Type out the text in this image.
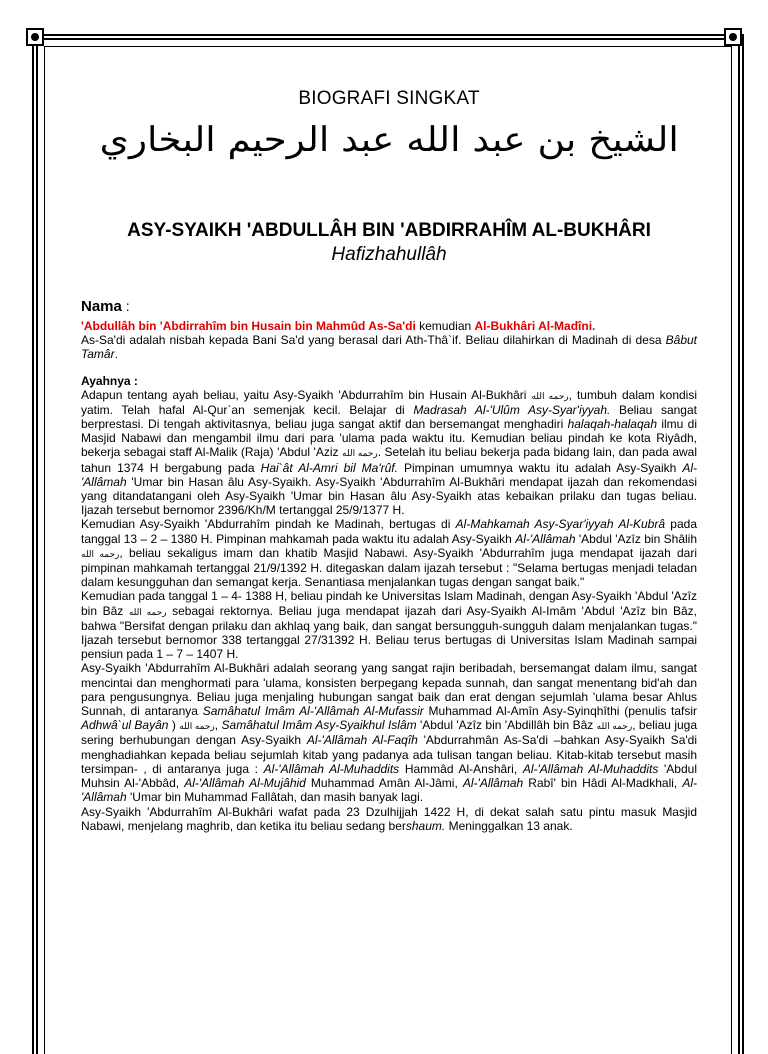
BIOGRAFI SINGKAT

الشيخ بن عبد الله عبد الرحيم البخاري

ASY-SYAIKH 'ABDULLÂH BIN 'ABDIRRAHÎM AL-BUKHÂRI

Hafizhahullâh

Nama :

'Abdullâh bin 'Abdirrahîm bin Husain bin Mahmûd As-Sa'di kemudian Al-Bukhâri Al-Madîni.

As-Sa'di adalah nisbah kepada Bani Sa'd yang berasal dari Ath-Thâ`if. Beliau dilahirkan di Madinah di desa Bâbut Tamâr.

Ayahnya :

Adapun tentang ayah beliau, yaitu Asy-Syaikh 'Abdurrahîm bin Husain Al-Bukhâri رحمه الله, tumbuh dalam kondisi yatim. Telah hafal Al-Qur`an semenjak kecil. Belajar di Madrasah Al-'Ulûm Asy-Syar'iyyah. Beliau sangat berprestasi. Di tengah aktivitasnya, beliau juga sangat aktif dan bersemangat menghadiri halaqah-halaqah ilmu di Masjid Nabawi dan mengambil ilmu dari para 'ulama pada waktu itu. Kemudian beliau pindah ke kota Riyâdh, bekerja sebagai staff Al-Malik (Raja) 'Abdul 'Aziz رحمه الله. Setelah itu beliau bekerja pada bidang lain, dan pada awal tahun 1374 H bergabung pada Hai`ât Al-Amri bil Ma'rûf. Pimpinan umumnya waktu itu adalah Asy-Syaikh Al-'Allâmah 'Umar bin Hasan âlu Asy-Syaikh. Asy-Syaikh 'Abdurrahîm Al-Bukhâri mendapat ijazah dan rekomendasi yang ditandatangani oleh Asy-Syaikh 'Umar bin Hasan âlu Asy-Syaikh atas kebaikan prilaku dan tugas beliau. Ijazah tersebut bernomor 2396/Kh/M tertanggal 25/9/1377 H.

Kemudian Asy-Syaikh 'Abdurrahîm pindah ke Madinah, bertugas di Al-Mahkamah Asy-Syar'iyyah Al-Kubrâ pada tanggal 13 – 2 – 1380 H. Pimpinan mahkamah pada waktu itu adalah Asy-Syaikh Al-'Allâmah 'Abdul 'Azîz bin Shâlih رحمه الله, beliau sekaligus imam dan khatib Masjid Nabawi. Asy-Syaikh 'Abdurrahîm juga mendapat ijazah dari pimpinan mahkamah tertanggal 21/9/1392 H. ditegaskan dalam ijazah tersebut : "Selama bertugas menjadi teladan dalam kesungguhan dan semangat kerja. Senantiasa menjalankan tugas dengan sangat baik."

Kemudian pada tanggal 1 – 4- 1388 H, beliau pindah ke Universitas Islam Madinah, dengan Asy-Syaikh 'Abdul 'Azîz bin Bâz رحمه الله sebagai rektornya. Beliau juga mendapat ijazah dari Asy-Syaikh Al-Imâm 'Abdul 'Azîz bin Bâz, bahwa "Bersifat dengan prilaku dan akhlaq yang baik, dan sangat bersungguh-sungguh dalam menjalankan tugas." Ijazah tersebut bernomor 338 tertanggal 27/31392 H. Beliau terus bertugas di Universitas Islam Madinah sampai pensiun pada 1 – 7 – 1407 H.

Asy-Syaikh 'Abdurrahîm Al-Bukhâri adalah seorang yang sangat rajin beribadah, bersemangat dalam ilmu, sangat mencintai dan menghormati para 'ulama, konsisten berpegang kepada sunnah, dan sangat menentang bid'ah dan para pengusungnya. Beliau juga menjaling hubungan sangat baik dan erat dengan sejumlah 'ulama besar Ahlus Sunnah, di antaranya Samâhatul Imâm Al-'Allâmah Al-Mufassir Muhammad Al-Amîn Asy-Syinqhîthi (penulis tafsir Adhwâ`ul Bayân ) رحمه الله, Samâhatul Imâm Asy-Syaikhul Islâm 'Abdul 'Azîz bin 'Abdillâh bin Bâz رحمه الله, beliau juga sering berhubungan dengan Asy-Syaikh Al-'Allâmah Al-Faqîh 'Abdurrahmân As-Sa'di –bahkan Asy-Syaikh Sa'di menghadiahkan kepada beliau sejumlah kitab yang padanya ada tulisan tangan beliau. Kitab-kitab tersebut masih tersimpan- , di antaranya juga : Al-'Allâmah Al-Muhaddits Hammâd Al-Anshâri, Al-'Allâmah Al-Muhaddits 'Abdul Muhsin Al-'Abbâd, Al-'Allâmah Al-Mujâhid Muhammad Amân Al-Jâmi, Al-'Allâmah Rabî' bin Hâdi Al-Madkhali, Al-'Allâmah 'Umar bin Muhammad Fallâtah, dan masih banyak lagi.

Asy-Syaikh 'Abdurrahîm Al-Bukhâri wafat pada 23 Dzulhijjah 1422 H, di dekat salah satu pintu masuk Masjid Nabawi, menjelang maghrib, dan ketika itu beliau sedang bershaum. Meninggalkan 13 anak.
